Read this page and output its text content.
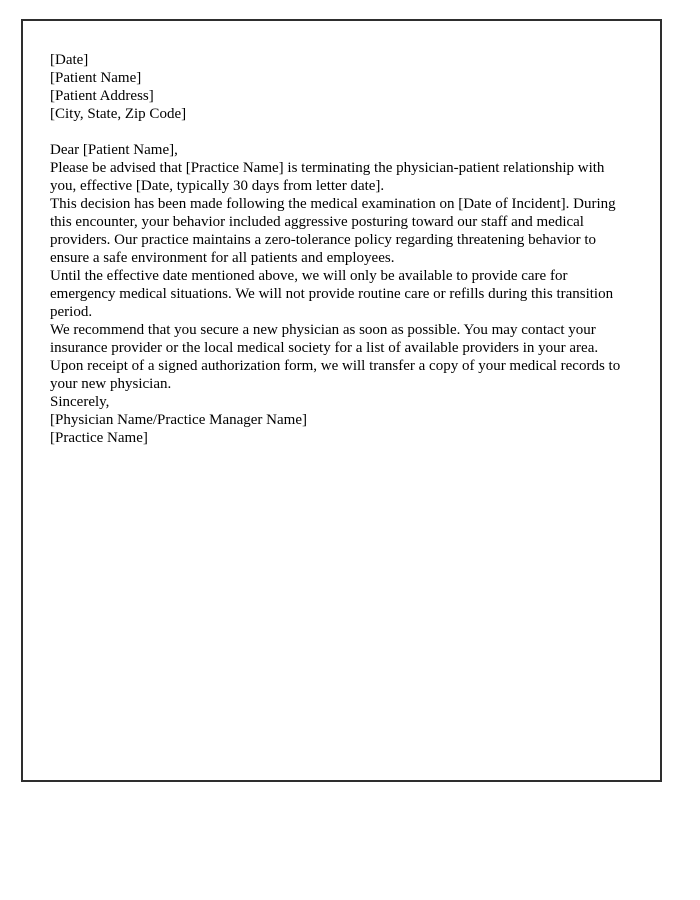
[Date]

[Patient Name]
[Patient Address]
[City, State, Zip Code]

Dear [Patient Name],

Please be advised that [Practice Name] is terminating the physician-patient relationship with you, effective [Date, typically 30 days from letter date].

This decision has been made following the medical examination on [Date of Incident]. During this encounter, your behavior included aggressive posturing toward our staff and medical providers. Our practice maintains a zero-tolerance policy regarding threatening behavior to ensure a safe environment for all patients and employees.

Until the effective date mentioned above, we will only be available to provide care for emergency medical situations. We will not provide routine care or refills during this transition period.

We recommend that you secure a new physician as soon as possible. You may contact your insurance provider or the local medical society for a list of available providers in your area. Upon receipt of a signed authorization form, we will transfer a copy of your medical records to your new physician.

Sincerely,

[Physician Name/Practice Manager Name]
[Practice Name]
